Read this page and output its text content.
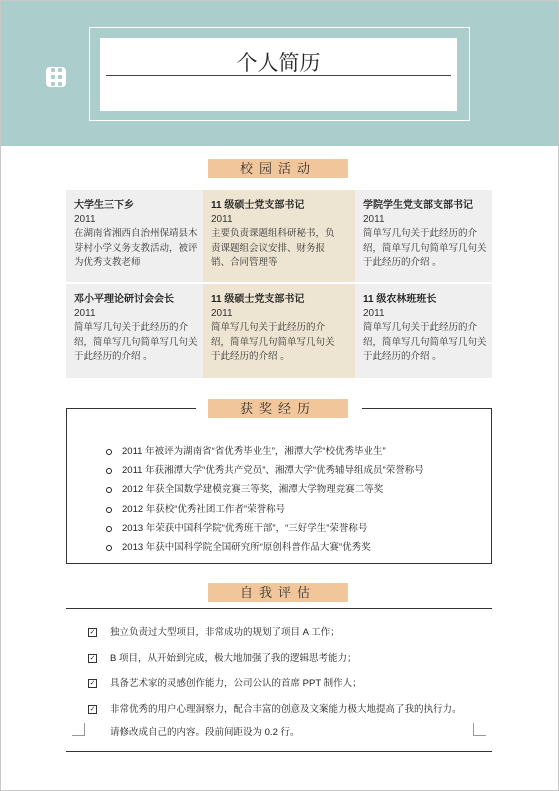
个人简历
校园活动
大学生三下乡
2011
在湖南省湘西自治州保靖县木芽村小学义务支教活动，被评为优秀支教老师
11 级硕士党支部书记
2011
主要负责课题组科研秘书，负责课题组会议安排、财务报销、合同管理等
学院学生党支部支部书记
2011
简单写几句关于此经历的介绍，简单写几句简单写几句关于此经历的介绍 。
邓小平理论研讨会会长
2011
简单写几句关于此经历的介绍，简单写几句简单写几句关于此经历的介绍 。
11 级硕士党支部书记
2011
简单写几句关于此经历的介绍，简单写几句简单写几句关于此经历的介绍 。
11 级农林班班长
2011
简单写几句关于此经历的介绍，简单写几句简单写几句关于此经历的介绍 。
获奖经历
2011 年被评为湖南省“省优秀毕业生”，湘潭大学“校优秀毕业生”
2011 年获湘潭大学“优秀共产党员”、湘潭大学“优秀辅导组成员”荣誉称号
2012 年获全国数学建模竞赛三等奖，湘潭大学物理竞赛二等奖
2012 年获校“优秀社团工作者”荣誉称号
2013 年荣获中国科学院“优秀班干部”，“三好学生”荣誉称号
2013 年获中国科学院全国研究所“原创科普作品大赛”优秀奖
自我评估
✓ 独立负责过大型项目，非常成功的规划了项目 A 工作；
✓ B 项目，从开始到完成，极大地加强了我的逻辑思考能力；
✓ 具备艺术家的灵感创作能力，公司公认的首席 PPT 制作人；
✓ 非常优秀的用户心理洞察力，配合丰富的创意及文案能力极大地提高了我的执行力。
请修改成自己的内容。段前间距设为 0.2 行。
